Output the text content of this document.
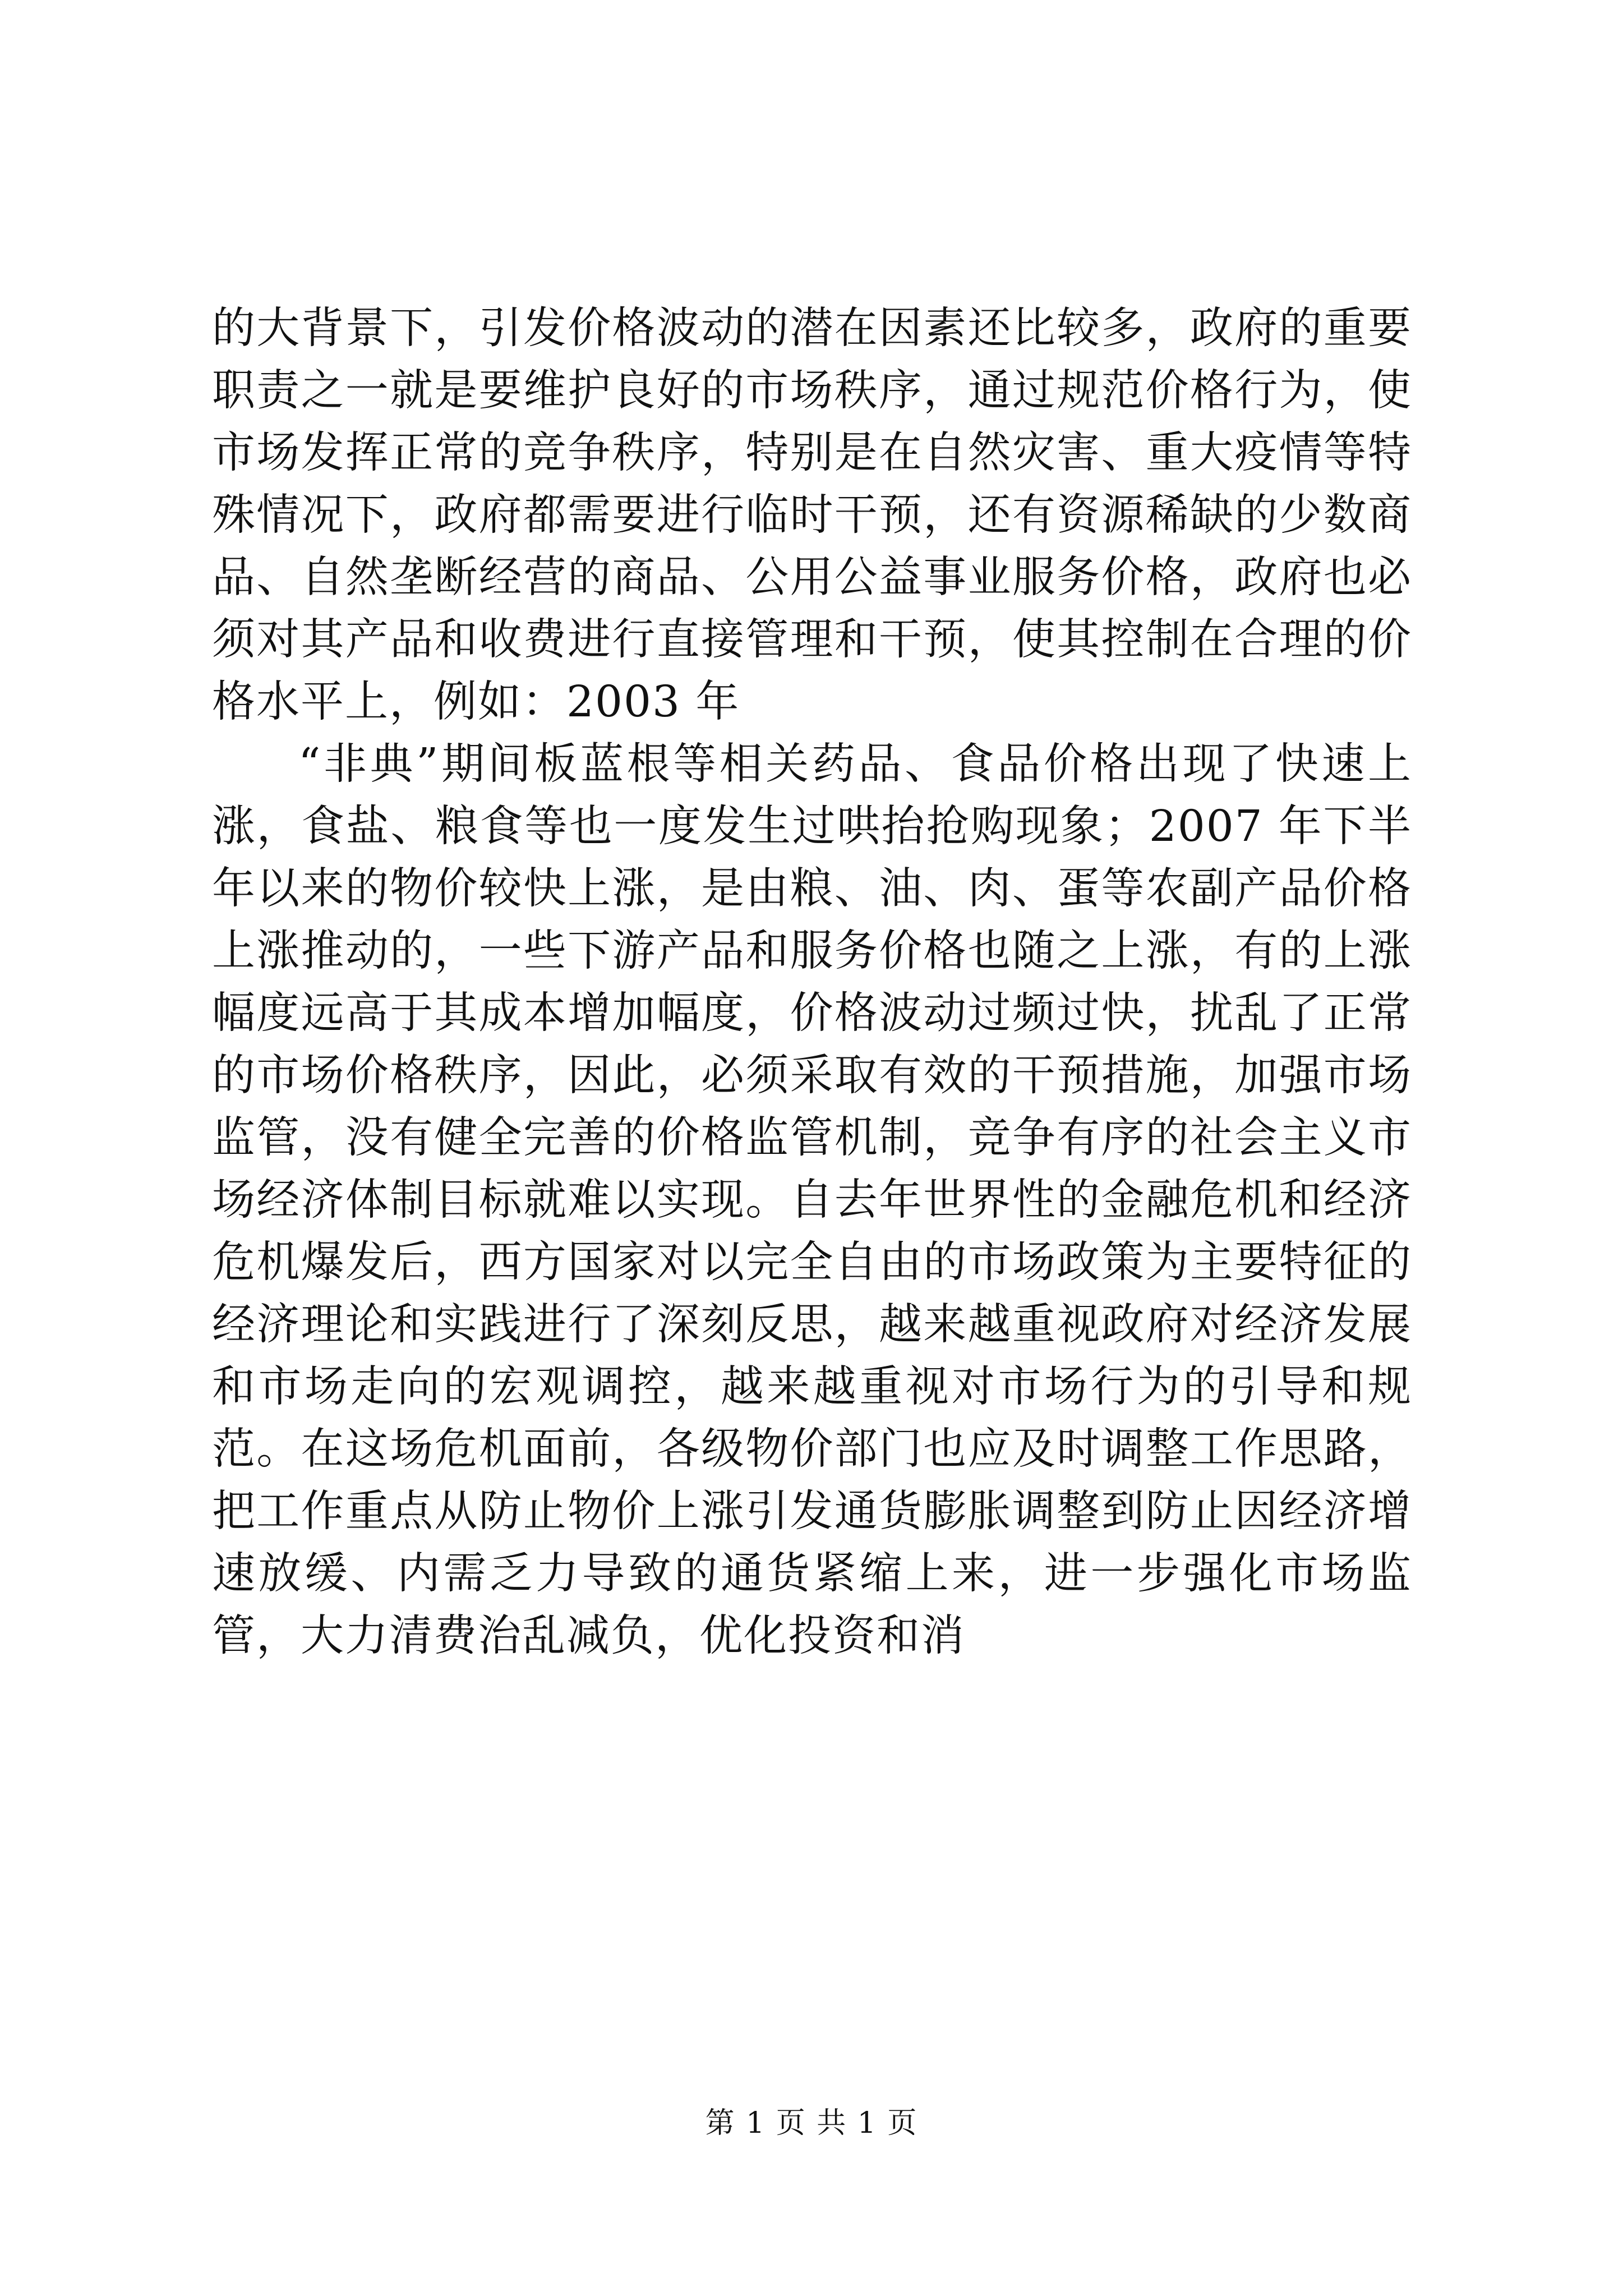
的大背景下，引发价格波动的潜在因素还比较多，政府的重要职责之一就是要维护良好的市场秩序，通过规范价格行为，使市场发挥正常的竞争秩序，特别是在自然灾害、重大疫情等特殊情况下，政府都需要进行临时干预，还有资源稀缺的少数商品、自然垄断经营的商品、公用公益事业服务价格，政府也必须对其产品和收费进行直接管理和干预，使其控制在合理的价格水平上，例如：2003 年

“非典”期间板蓝根等相关药品、食品价格出现了快速上涨，食盐、粮食等也一度发生过哄抬抢购现象；2007 年下半年以来的物价较快上涨，是由粮、油、肉、蛋等农副产品价格上涨推动的，一些下游产品和服务价格也随之上涨，有的上涨幅度远高于其成本增加幅度，价格波动过频过快，扰乱了正常的市场价格秩序，因此，必须采取有效的干预措施，加强市场监管，没有健全完善的价格监管机制，竞争有序的社会主义市场经济体制目标就难以实现。自去年世界性的金融危机和经济危机爆发后，西方国家对以完全自由的市场政策为主要特征的经济理论和实践进行了深刻反思，越来越重视政府对经济发展和市场走向的宏观调控，越来越重视对市场行为的引导和规范。在这场危机面前，各级物价部门也应及时调整工作思路，把工作重点从防止物价上涨引发通货膨胀调整到防止因经济增速放缓、内需乏力导致的通货紧缩上来，进一步强化市场监管，大力清费治乱减负，优化投资和消

第 1 页 共 1 页
